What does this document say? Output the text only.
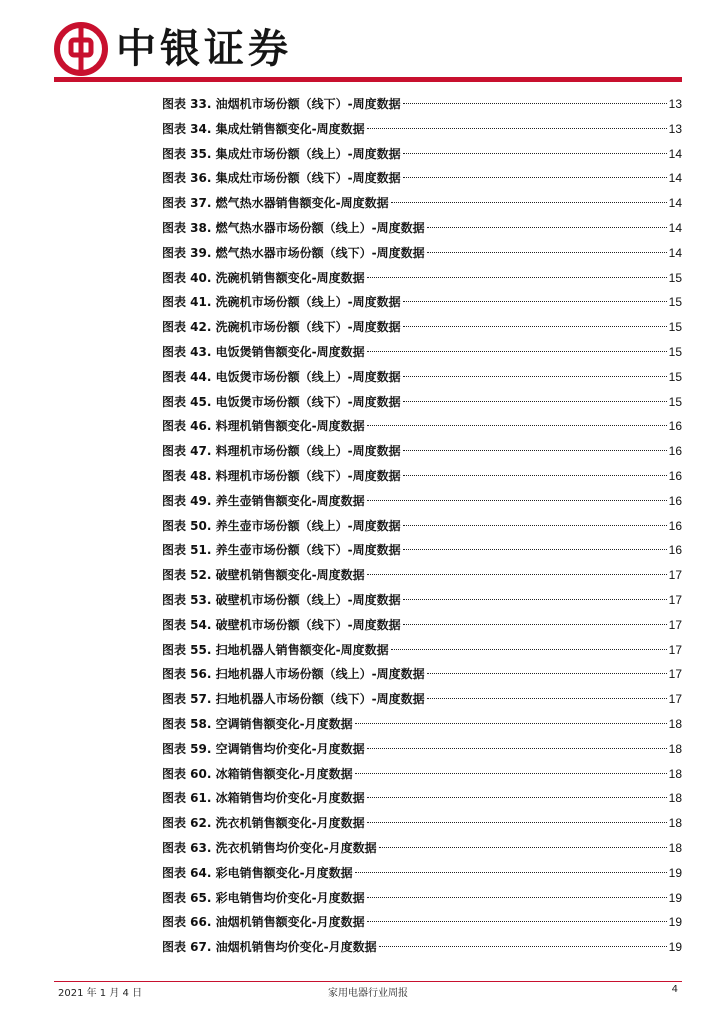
中银证券
图表 33. 油烟机市场份额（线下）-周度数据	13
图表 34. 集成灶销售额变化-周度数据	13
图表 35. 集成灶市场份额（线上）-周度数据	14
图表 36. 集成灶市场份额（线下）-周度数据	14
图表 37. 燃气热水器销售额变化-周度数据	14
图表 38. 燃气热水器市场份额（线上）-周度数据	14
图表 39. 燃气热水器市场份额（线下）-周度数据	14
图表 40. 洗碗机销售额变化-周度数据	15
图表 41. 洗碗机市场份额（线上）-周度数据	15
图表 42. 洗碗机市场份额（线下）-周度数据	15
图表 43. 电饭煲销售额变化-周度数据	15
图表 44. 电饭煲市场份额（线上）-周度数据	15
图表 45. 电饭煲市场份额（线下）-周度数据	15
图表 46. 料理机销售额变化-周度数据	16
图表 47. 料理机市场份额（线上）-周度数据	16
图表 48. 料理机市场份额（线下）-周度数据	16
图表 49. 养生壶销售额变化-周度数据	16
图表 50. 养生壶市场份额（线上）-周度数据	16
图表 51. 养生壶市场份额（线下）-周度数据	16
图表 52. 破壁机销售额变化-周度数据	17
图表 53. 破壁机市场份额（线上）-周度数据	17
图表 54. 破壁机市场份额（线下）-周度数据	17
图表 55. 扫地机器人销售额变化-周度数据	17
图表 56. 扫地机器人市场份额（线上）-周度数据	17
图表 57. 扫地机器人市场份额（线下）-周度数据	17
图表 58. 空调销售额变化-月度数据	18
图表 59. 空调销售均价变化-月度数据	18
图表 60. 冰箱销售额变化-月度数据	18
图表 61. 冰箱销售均价变化-月度数据	18
图表 62. 洗衣机销售额变化-月度数据	18
图表 63. 洗衣机销售均价变化-月度数据	18
图表 64. 彩电销售额变化-月度数据	19
图表 65. 彩电销售均价变化-月度数据	19
图表 66. 油烟机销售额变化-月度数据	19
图表 67. 油烟机销售均价变化-月度数据	19
2021 年 1 月 4 日	家用电器行业周报	4
